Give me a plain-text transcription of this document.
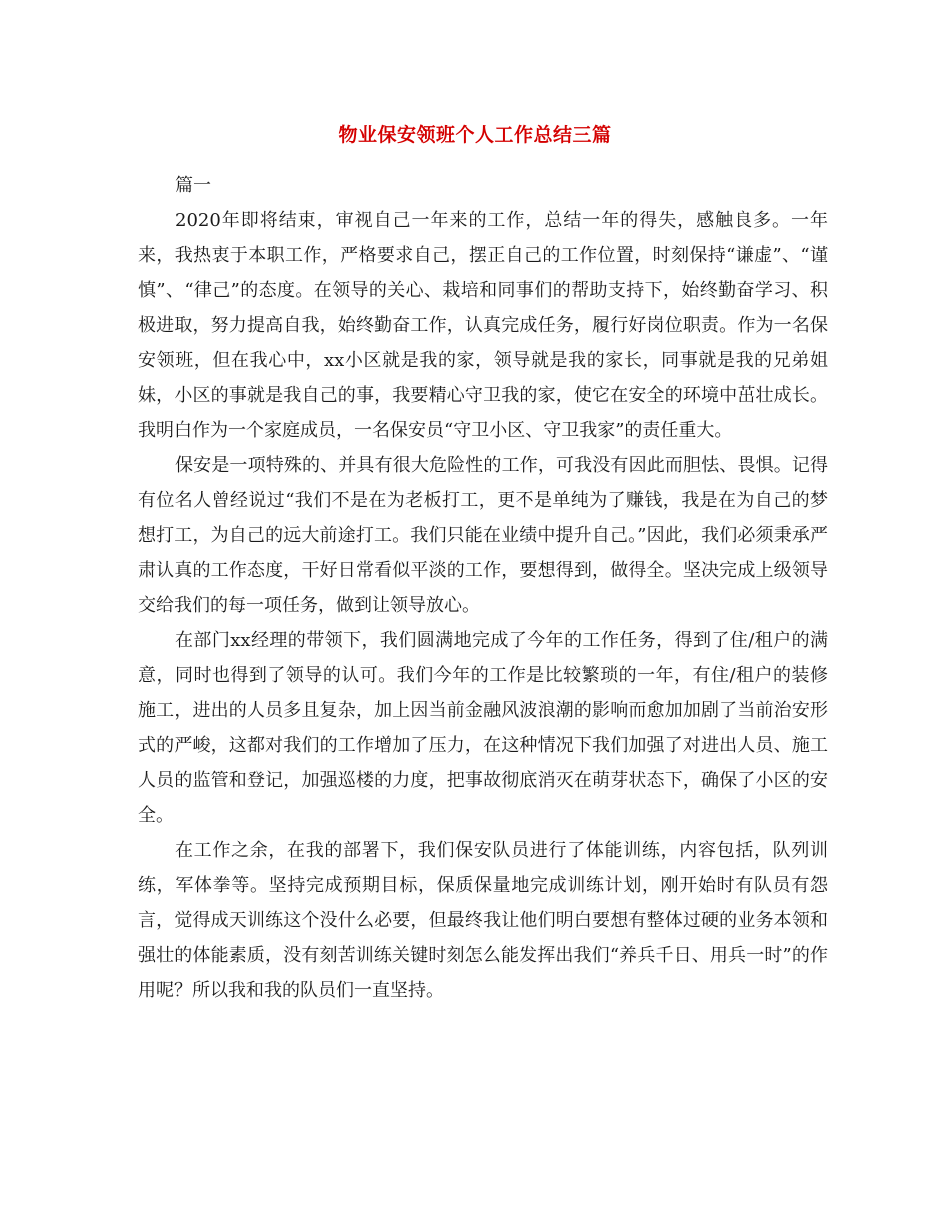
物业保安领班个人工作总结三篇

篇一

2020年即将结束，审视自己一年来的工作，总结一年的得失，感触良多。一年来，我热衷于本职工作，严格要求自己，摆正自己的工作位置，时刻保持“谦虚”、“谨慎”、“律己”的态度。在领导的关心、栽培和同事们的帮助支持下，始终勤奋学习、积极进取，努力提高自我，始终勤奋工作，认真完成任务，履行好岗位职责。作为一名保安领班，但在我心中，xx小区就是我的家，领导就是我的家长，同事就是我的兄弟姐妹，小区的事就是我自己的事，我要精心守卫我的家，使它在安全的环境中茁壮成长。我明白作为一个家庭成员，一名保安员“守卫小区、守卫我家”的责任重大。

保安是一项特殊的、并具有很大危险性的工作，可我没有因此而胆怯、畏惧。记得有位名人曾经说过“我们不是在为老板打工，更不是单纯为了赚钱，我是在为自己的梦想打工，为自己的远大前途打工。我们只能在业绩中提升自己。”因此，我们必须秉承严肃认真的工作态度，干好日常看似平淡的工作，要想得到，做得全。坚决完成上级领导交给我们的每一项任务，做到让领导放心。

在部门xx经理的带领下，我们圆满地完成了今年的工作任务，得到了住/租户的满意，同时也得到了领导的认可。我们今年的工作是比较繁琐的一年，有住/租户的装修施工，进出的人员多且复杂，加上因当前金融风波浪潮的影响而愈加加剧了当前治安形式的严峻，这都对我们的工作增加了压力，在这种情况下我们加强了对进出人员、施工人员的监管和登记，加强巡楼的力度，把事故彻底消灭在萌芽状态下，确保了小区的安全。

在工作之余，在我的部署下，我们保安队员进行了体能训练，内容包括，队列训练，军体拳等。坚持完成预期目标，保质保量地完成训练计划，刚开始时有队员有怨言，觉得成天训练这个没什么必要，但最终我让他们明白要想有整体过硬的业务本领和强壮的体能素质，没有刻苦训练关键时刻怎么能发挥出我们“养兵千日、用兵一时”的作用呢？所以我和我的队员们一直坚持。
